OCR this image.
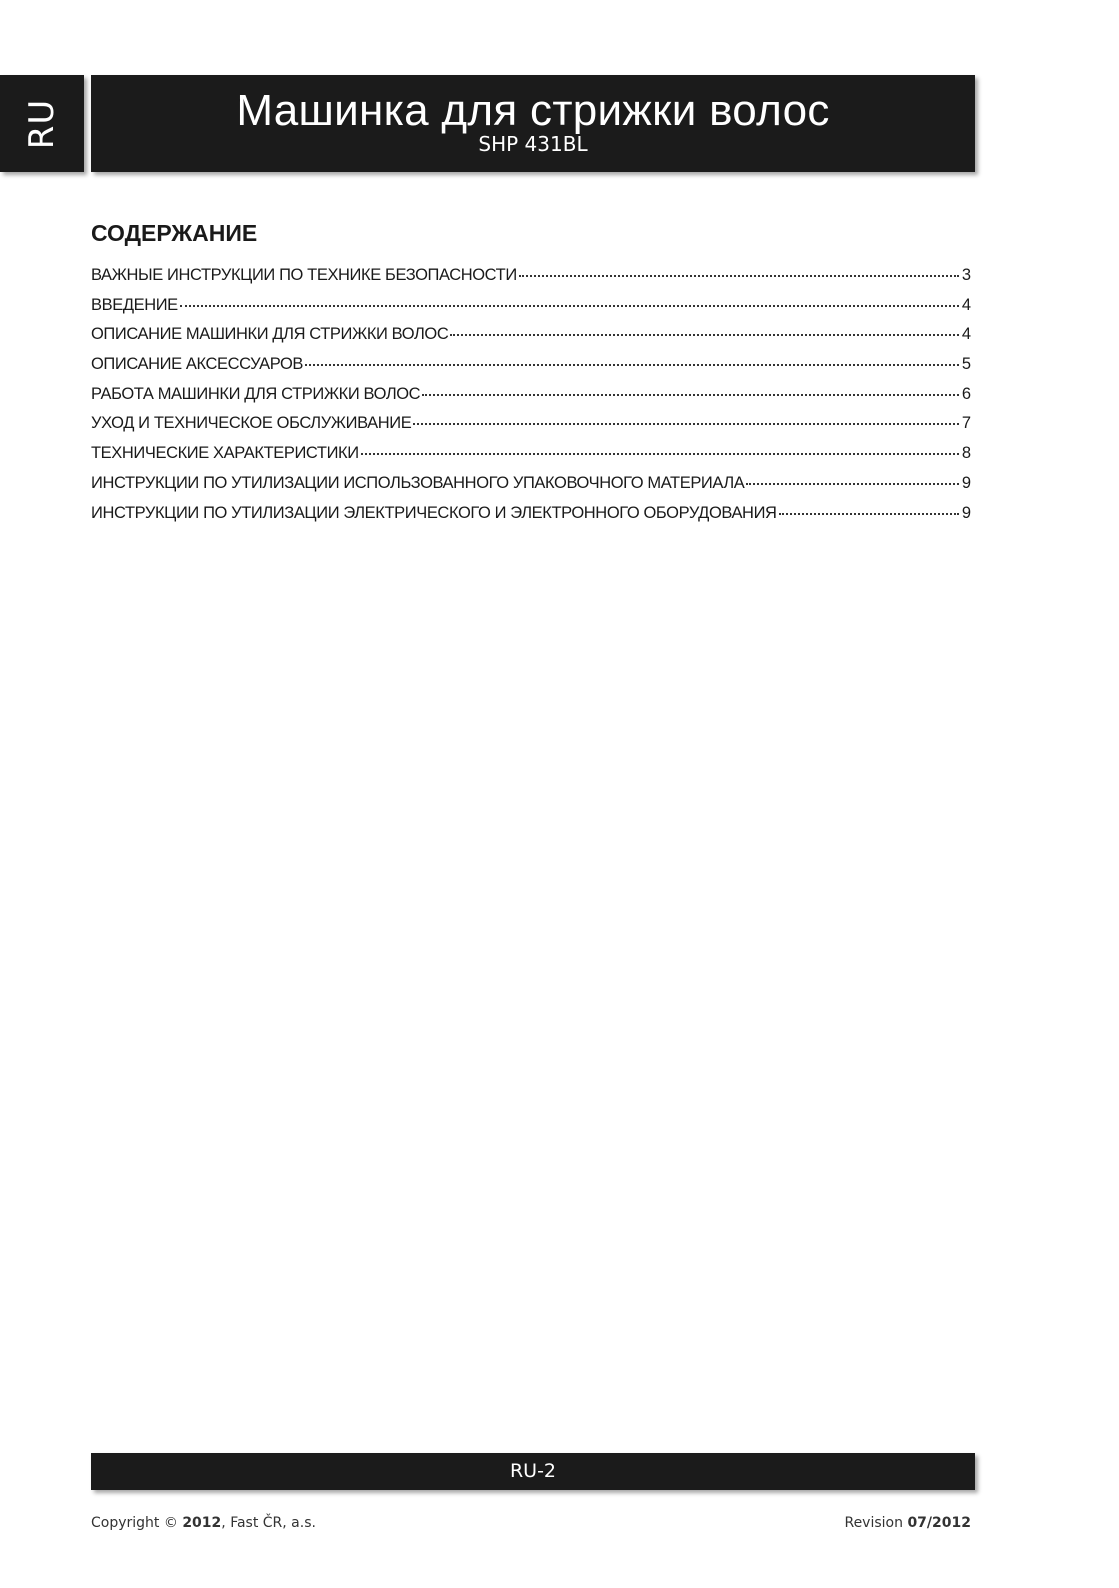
RU	Машинка для стрижки волос
SHP 431BL
СОДЕРЖАНИЕ
ВАЖНЫЕ ИНСТРУКЦИИ ПО ТЕХНИКЕ БЕЗОПАСНОСТИ	3
ВВЕДЕНИЕ	4
ОПИСАНИЕ МАШИНКИ ДЛЯ СТРИЖКИ ВОЛОС	4
ОПИСАНИЕ АКСЕССУАРОВ	5
РАБОТА МАШИНКИ ДЛЯ СТРИЖКИ ВОЛОС	6
УХОД И ТЕХНИЧЕСКОЕ ОБСЛУЖИВАНИЕ	7
ТЕХНИЧЕСКИЕ ХАРАКТЕРИСТИКИ	8
ИНСТРУКЦИИ ПО УТИЛИЗАЦИИ ИСПОЛЬЗОВАННОГО УПАКОВОЧНОГО МАТЕРИАЛА	9
ИНСТРУКЦИИ ПО УТИЛИЗАЦИИ ЭЛЕКТРИЧЕСКОГО И ЭЛЕКТРОННОГО ОБОРУДОВАНИЯ	9
RU-2
Copyright © 2012, Fast ČR, a.s.	Revision 07/2012
